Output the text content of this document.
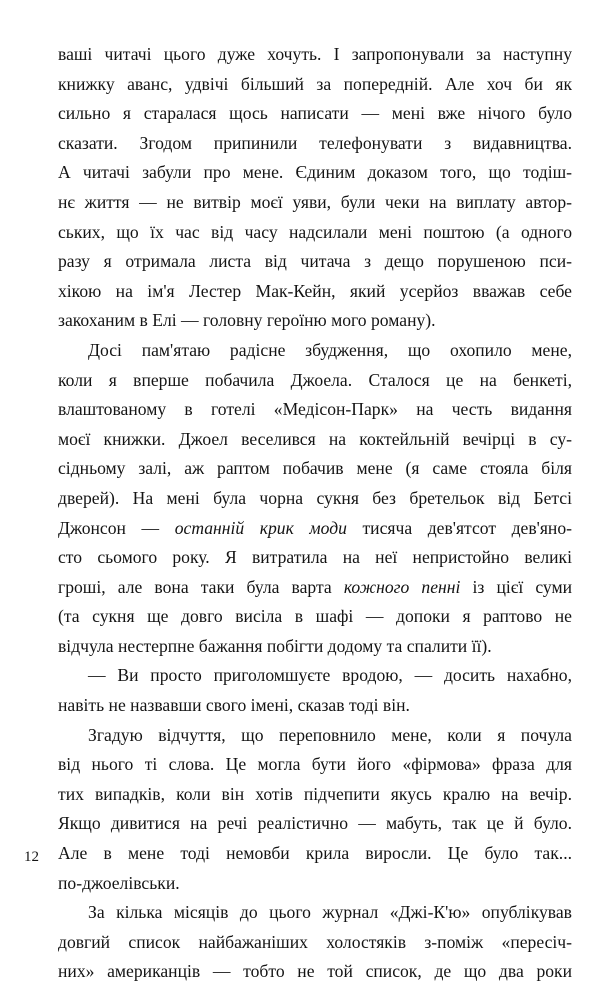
ваші читачі цього дуже хочуть. І запропонували за наступну
книжку аванс, удвічі більший за попередній. Але хоч би як
сильно я старалася щось написати — мені вже нічого було
сказати. Згодом припинили телефонувати з видавництва.
А читачі забули про мене. Єдиним доказом того, що тодіш-
нє життя — не витвір моєї уяви, були чеки на виплату автор-
ських, що їх час від часу надсилали мені поштою (а одного
разу я отримала листа від читача з дещо порушеною пси-
хікою на ім'я Лестер Мак-Кейн, який усерйоз вважав себе
закоханим в Елі — головну героїню мого роману).
Досі пам'ятаю радісне збудження, що охопило мене,
коли я вперше побачила Джоела. Сталося це на бенкеті,
влаштованому в готелі «Медісон-Парк» на честь видання
моєї книжки. Джоел веселився на коктейльній вечірці в су-
сідньому залі, аж раптом побачив мене (я саме стояла біля
дверей). На мені була чорна сукня без бретельок від Бетсі
Джонсон — останній крик моди тисяча дев'ятсот дев'яно-
сто сьомого року. Я витратила на неї непристойно великі
гроші, але вона таки була варта кожного пенні із цієї суми
(та сукня ще довго висіла в шафі — допоки я раптово не
відчула нестерпне бажання побігти додому та спалити її).
— Ви просто приголомшуєте вродою, — досить нахабно,
навіть не назвавши свого імені, сказав тоді він.
Згадую відчуття, що переповнило мене, коли я почула
від нього ті слова. Це могла бути його «фірмова» фраза для
тих випадків, коли він хотів підчепити якусь кралю на вечір.
Якщо дивитися на речі реалістично — мабуть, так це й було.
Але в мене тоді немовби крила виросли. Це було так...
по-джоелівськи.
За кілька місяців до цього журнал «Джі-К'ю» опублікував
довгий список найбажаніших холостяків з-поміж «пересіч-
них» американців — тобто не той список, де що два роки
12
